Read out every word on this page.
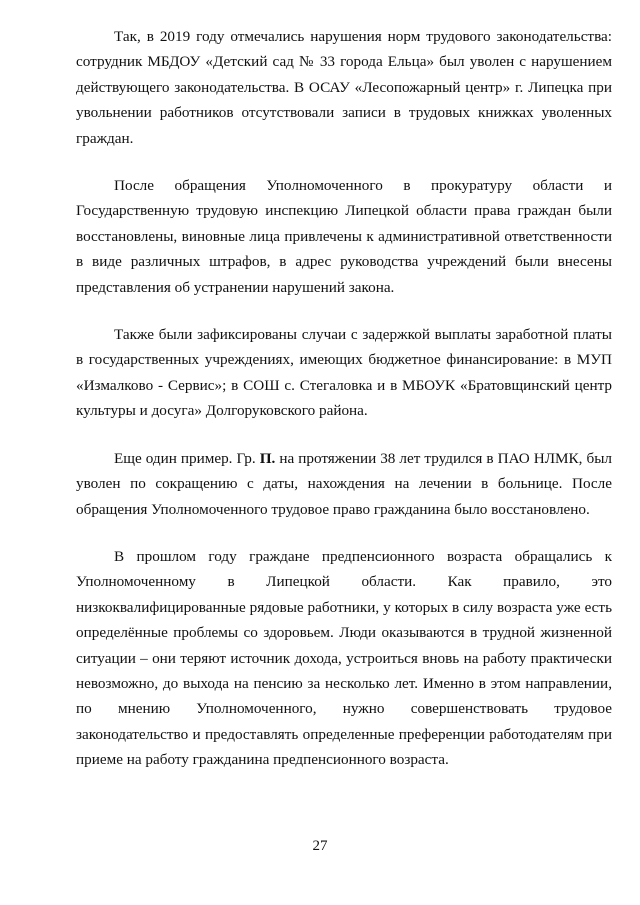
Так, в 2019 году отмечались нарушения норм трудового законодательства: сотрудник МБДОУ «Детский сад № 33 города Ельца» был уволен с нарушением действующего законодательства. В ОСАУ «Лесопожарный центр» г. Липецка при увольнении работников отсутствовали записи в трудовых книжках уволенных граждан.

После обращения Уполномоченного в прокуратуру области и Государственную трудовую инспекцию Липецкой области права граждан были восстановлены, виновные лица привлечены к административной ответственности в виде различных штрафов, в адрес руководства учреждений были внесены представления об устранении нарушений закона.

Также были зафиксированы случаи с задержкой выплаты заработной платы в государственных учреждениях, имеющих бюджетное финансирование: в МУП «Измалково - Сервис»; в СОШ с. Стегаловка и в МБОУК «Братовщинский центр культуры и досуга» Долгоруковского района.

Еще один пример. Гр. П. на протяжении 38 лет трудился в ПАО НЛМК, был уволен по сокращению с даты, нахождения на лечении в больнице. После обращения Уполномоченного трудовое право гражданина было восстановлено.

В прошлом году граждане предпенсионного возраста обращались к Уполномоченному в Липецкой области. Как правило, это низкоквалифицированные рядовые работники, у которых в силу возраста уже есть определённые проблемы со здоровьем. Люди оказываются в трудной жизненной ситуации – они теряют источник дохода, устроиться вновь на работу практически невозможно, до выхода на пенсию за несколько лет. Именно в этом направлении, по мнению Уполномоченного, нужно совершенствовать трудовое законодательство и предоставлять определенные преференции работодателям при приеме на работу гражданина предпенсионного возраста.

27
